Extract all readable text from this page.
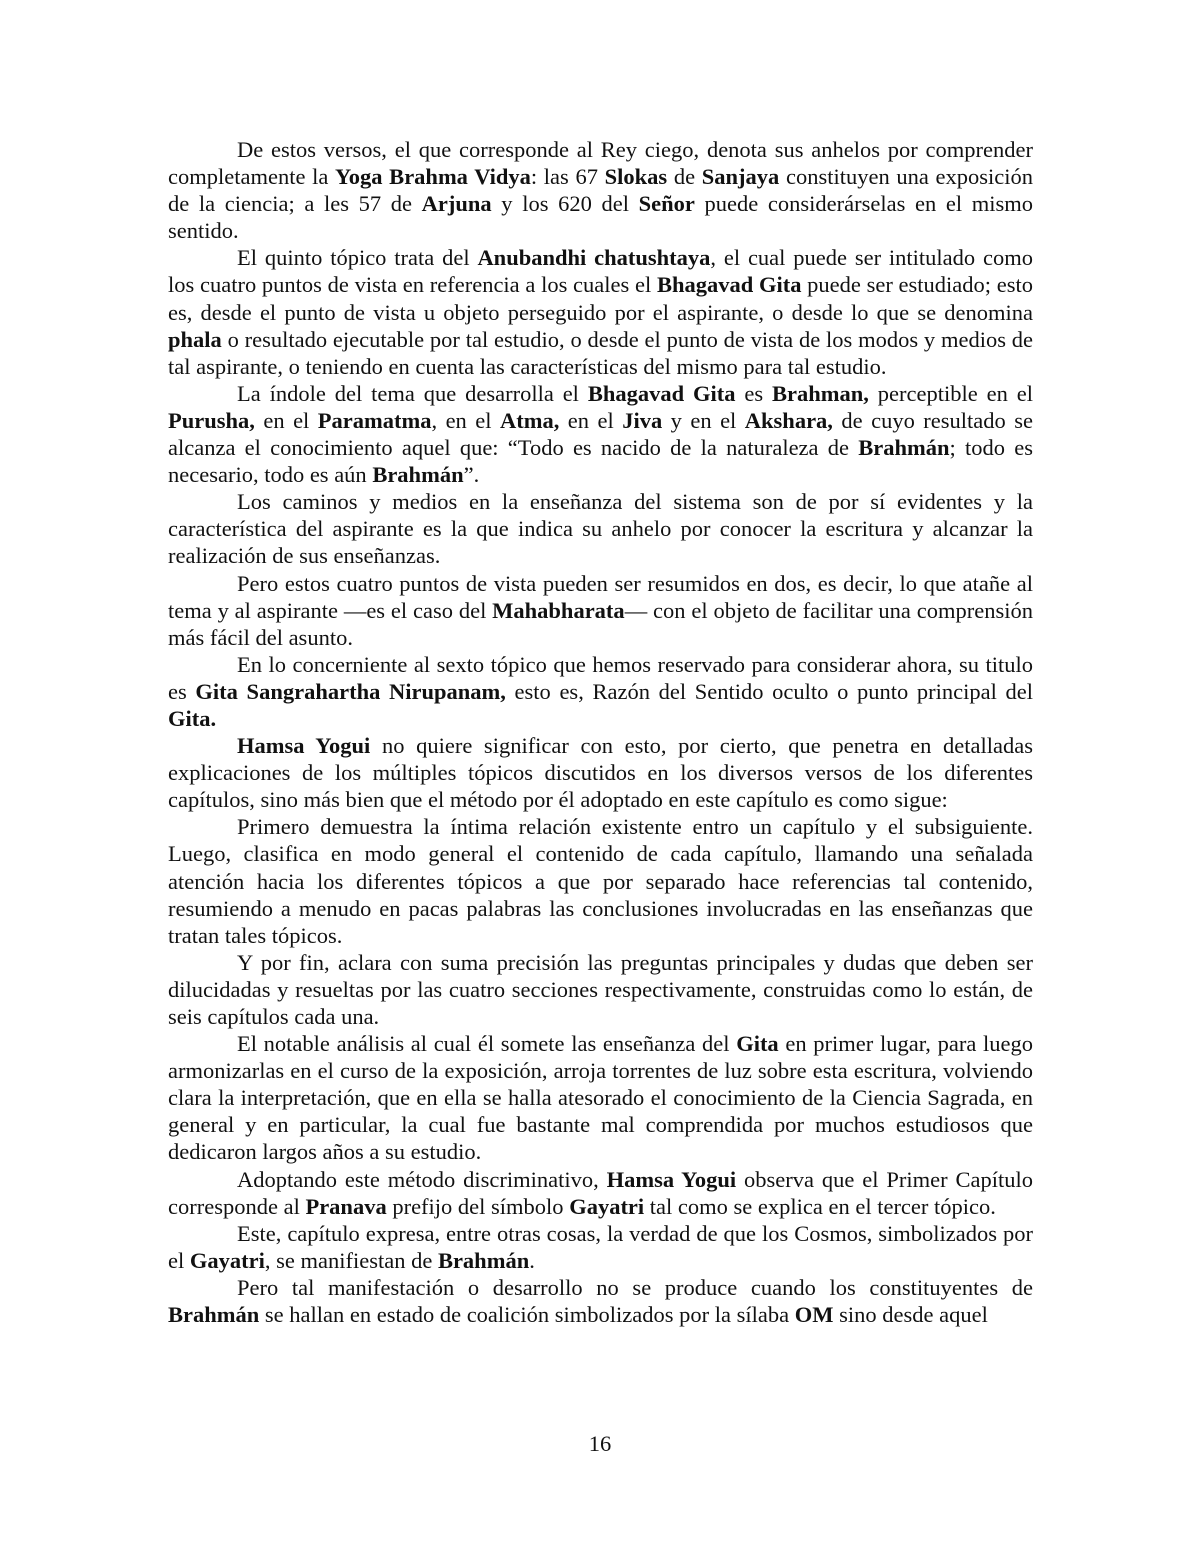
De estos versos, el que corresponde al Rey ciego, denota sus anhelos por comprender completamente la Yoga Brahma Vidya: las 67 Slokas de Sanjaya constituyen una exposición de la ciencia; a les 57 de Arjuna y los 620 del Señor puede considerárselas en el mismo sentido.

El quinto tópico trata del Anubandhi chatushtaya, el cual puede ser intitulado como los cuatro puntos de vista en referencia a los cuales el Bhagavad Gita puede ser estudiado; esto es, desde el punto de vista u objeto perseguido por el aspirante, o desde lo que se denomina phala o resultado ejecutable por tal estudio, o desde el punto de vista de los modos y medios de tal aspirante, o teniendo en cuenta las características del mismo para tal estudio.

La índole del tema que desarrolla el Bhagavad Gita es Brahman, perceptible en el Purusha, en el Paramatma, en el Atma, en el Jiva y en el Akshara, de cuyo resultado se alcanza el conocimiento aquel que: “Todo es nacido de la naturaleza de Brahmán; todo es necesario, todo es aún Brahmán”.

Los caminos y medios en la enseñanza del sistema son de por sí evidentes y la característica del aspirante es la que indica su anhelo por conocer la escritura y alcanzar la realización de sus enseñanzas.

Pero estos cuatro puntos de vista pueden ser resumidos en dos, es decir, lo que atañe al tema y al aspirante —es el caso del Mahabharata— con el objeto de facilitar una comprensión más fácil del asunto.

En lo concerniente al sexto tópico que hemos reservado para considerar ahora, su titulo es Gita Sangrahartha Nirupanam, esto es, Razón del Sentido oculto o punto principal del Gita.

Hamsa Yogui no quiere significar con esto, por cierto, que penetra en detalladas explicaciones de los múltiples tópicos discutidos en los diversos versos de los diferentes capítulos, sino más bien que el método por él adoptado en este capítulo es como sigue:

Primero demuestra la íntima relación existente entro un capítulo y el subsiguiente. Luego, clasifica en modo general el contenido de cada capítulo, llamando una señalada atención hacia los diferentes tópicos a que por separado hace referencias tal contenido, resumiendo a menudo en pacas palabras las conclusiones involucradas en las enseñanzas que tratan tales tópicos.

Y por fin, aclara con suma precisión las preguntas principales y dudas que deben ser dilucidadas y resueltas por las cuatro secciones respectivamente, construidas como lo están, de seis capítulos cada una.

El notable análisis al cual él somete las enseñanza del Gita en primer lugar, para luego armonizarlas en el curso de la exposición, arroja torrentes de luz sobre esta escritura, volviendo clara la interpretación, que en ella se halla atesorado el conocimiento de la Ciencia Sagrada, en general y en particular, la cual fue bastante mal comprendida por muchos estudiosos que dedicaron largos años a su estudio.

Adoptando este método discriminativo, Hamsa Yogui observa que el Primer Capítulo corresponde al Pranava prefijo del símbolo Gayatri tal como se explica en el tercer tópico.

Este, capítulo expresa, entre otras cosas, la verdad de que los Cosmos, simbolizados por el Gayatri, se manifiestan de Brahmán.

Pero tal manifestación o desarrollo no se produce cuando los constituyentes de Brahmán se hallan en estado de coalición simbolizados por la sílaba OM sino desde aquel

16
